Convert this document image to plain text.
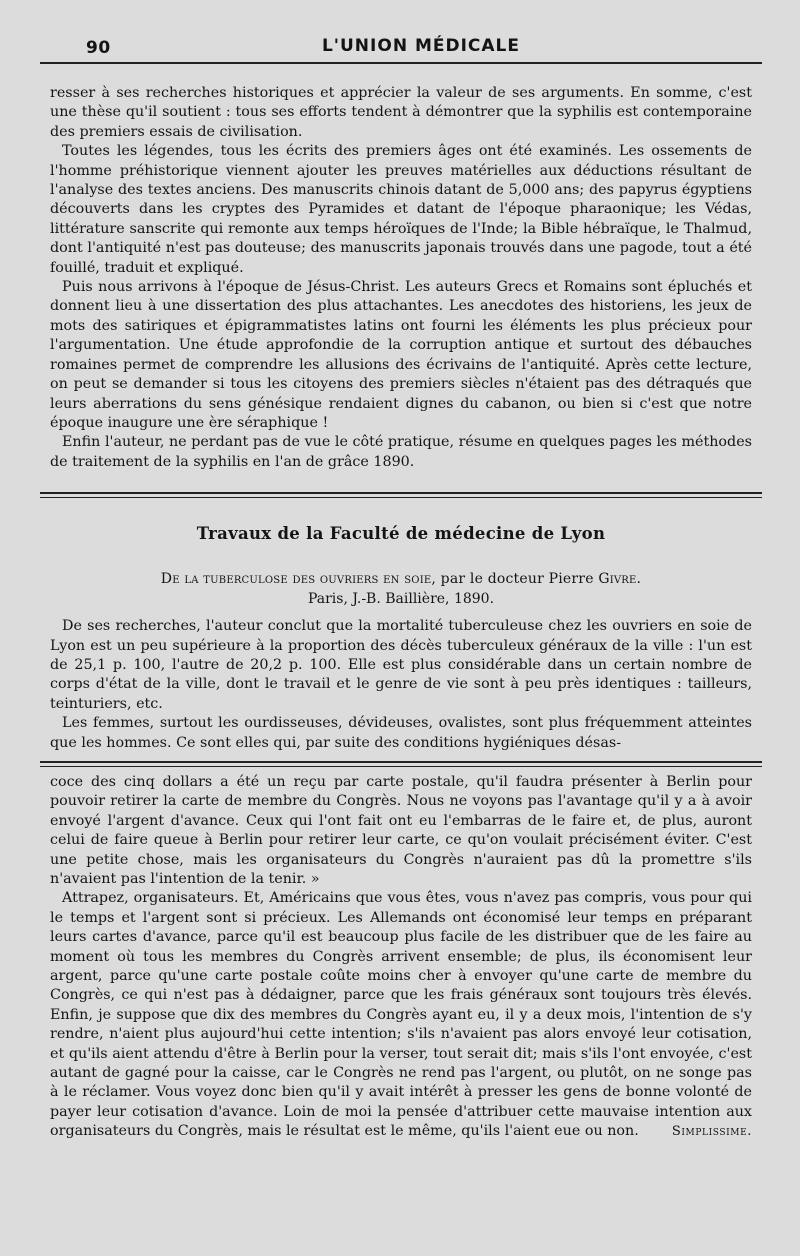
90	L'UNION MÉDICALE

resser à ses recherches historiques et apprécier la valeur de ses arguments. En somme, c'est une thèse qu'il soutient : tous ses efforts tendent à démontrer que la syphilis est contemporaine des premiers essais de civilisation.

Toutes les légendes, tous les écrits des premiers âges ont été examinés. Les ossements de l'homme préhistorique viennent ajouter les preuves matérielles aux déductions résultant de l'analyse des textes anciens. Des manuscrits chinois datant de 5,000 ans; des papyrus égyptiens découverts dans les cryptes des Pyramides et datant de l'époque pharaonique; les Védas, littérature sanscrite qui remonte aux temps héroïques de l'Inde; la Bible hébraïque, le Thalmud, dont l'antiquité n'est pas douteuse; des manuscrits japonais trouvés dans une pagode, tout a été fouillé, traduit et expliqué.

Puis nous arrivons à l'époque de Jésus-Christ. Les auteurs Grecs et Romains sont épluchés et donnent lieu à une dissertation des plus attachantes. Les anecdotes des historiens, les jeux de mots des satiriques et épigrammatistes latins ont fourni les éléments les plus précieux pour l'argumentation. Une étude approfondie de la corruption antique et surtout des débauches romaines permet de comprendre les allusions des écrivains de l'antiquité. Après cette lecture, on peut se demander si tous les citoyens des premiers siècles n'étaient pas des détraqués que leurs aberrations du sens génésique rendaient dignes du cabanon, ou bien si c'est que notre époque inaugure une ère séraphique !

Enfin l'auteur, ne perdant pas de vue le côté pratique, résume en quelques pages les méthodes de traitement de la syphilis en l'an de grâce 1890.

Travaux de la Faculté de médecine de Lyon
De la tuberculose des ouvriers en soie, par le docteur Pierre Givre.
Paris, J.-B. Baillière, 1890.

De ses recherches, l'auteur conclut que la mortalité tuberculeuse chez les ouvriers en soie de Lyon est un peu supérieure à la proportion des décès tuberculeux généraux de la ville : l'un est de 25,1 p. 100, l'autre de 20,2 p. 100. Elle est plus considérable dans un certain nombre de corps d'état de la ville, dont le travail et le genre de vie sont à peu près identiques : tailleurs, teinturiers, etc.

Les femmes, surtout les ourdisseuses, dévideuses, ovalistes, sont plus fréquemment atteintes que les hommes. Ce sont elles qui, par suite des conditions hygiéniques désas-

coce des cinq dollars a été un reçu par carte postale, qu'il faudra présenter à Berlin pour pouvoir retirer la carte de membre du Congrès. Nous ne voyons pas l'avantage qu'il y a à avoir envoyé l'argent d'avance. Ceux qui l'ont fait ont eu l'embarras de le faire et, de plus, auront celui de faire queue à Berlin pour retirer leur carte, ce qu'on voulait précisément éviter. C'est une petite chose, mais les organisateurs du Congrès n'auraient pas dû la promettre s'ils n'avaient pas l'intention de la tenir. »

Attrapez, organisateurs. Et, Américains que vous êtes, vous n'avez pas compris, vous pour qui le temps et l'argent sont si précieux. Les Allemands ont économisé leur temps en préparant leurs cartes d'avance, parce qu'il est beaucoup plus facile de les distribuer que de les faire au moment où tous les membres du Congrès arrivent ensemble; de plus, ils économisent leur argent, parce qu'une carte postale coûte moins cher à envoyer qu'une carte de membre du Congrès, ce qui n'est pas à dédaigner, parce que les frais généraux sont toujours très élevés. Enfin, je suppose que dix des membres du Congrès ayant eu, il y a deux mois, l'intention de s'y rendre, n'aient plus aujourd'hui cette intention; s'ils n'avaient pas alors envoyé leur cotisation, et qu'ils aient attendu d'être à Berlin pour la verser, tout serait dit; mais s'ils l'ont envoyée, c'est autant de gagné pour la caisse, car le Congrès ne rend pas l'argent, ou plutôt, on ne songe pas à le réclamer. Vous voyez donc bien qu'il y avait intérêt à presser les gens de bonne volonté de payer leur cotisation d'avance. Loin de moi la pensée d'attribuer cette mauvaise intention aux organisateurs du Congrès, mais le résultat est le même, qu'ils l'aient eue ou non.	Simplissime.
